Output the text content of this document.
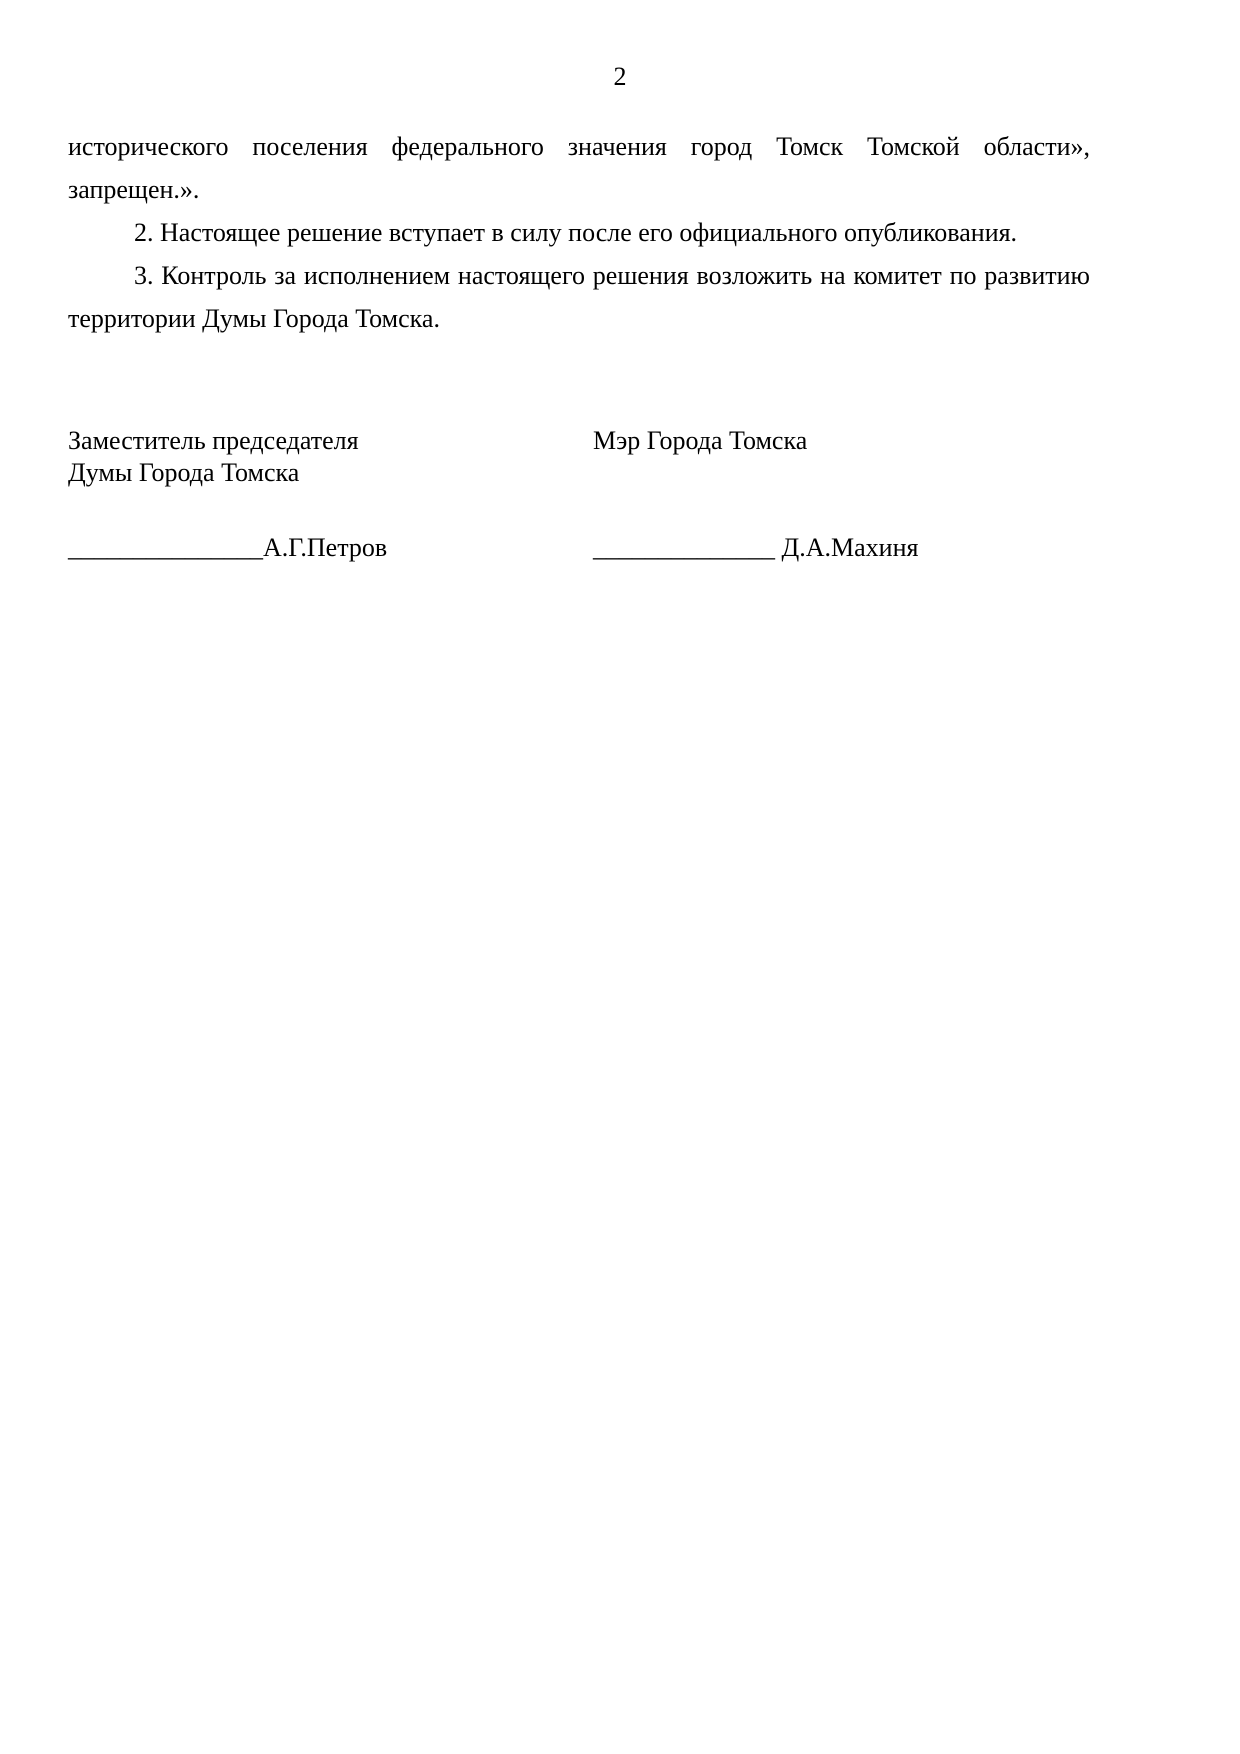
2

исторического поселения федерального значения город Томск Томской области», запрещен.».

2. Настоящее решение вступает в силу после его официального опубликования.

3. Контроль за исполнением настоящего решения возложить на комитет по развитию территории Думы Города Томска.

Заместитель председателя
Думы Города Томска
Мэр Города Томска
_______________А.Г.Петров	______________ Д.А.Махиня
